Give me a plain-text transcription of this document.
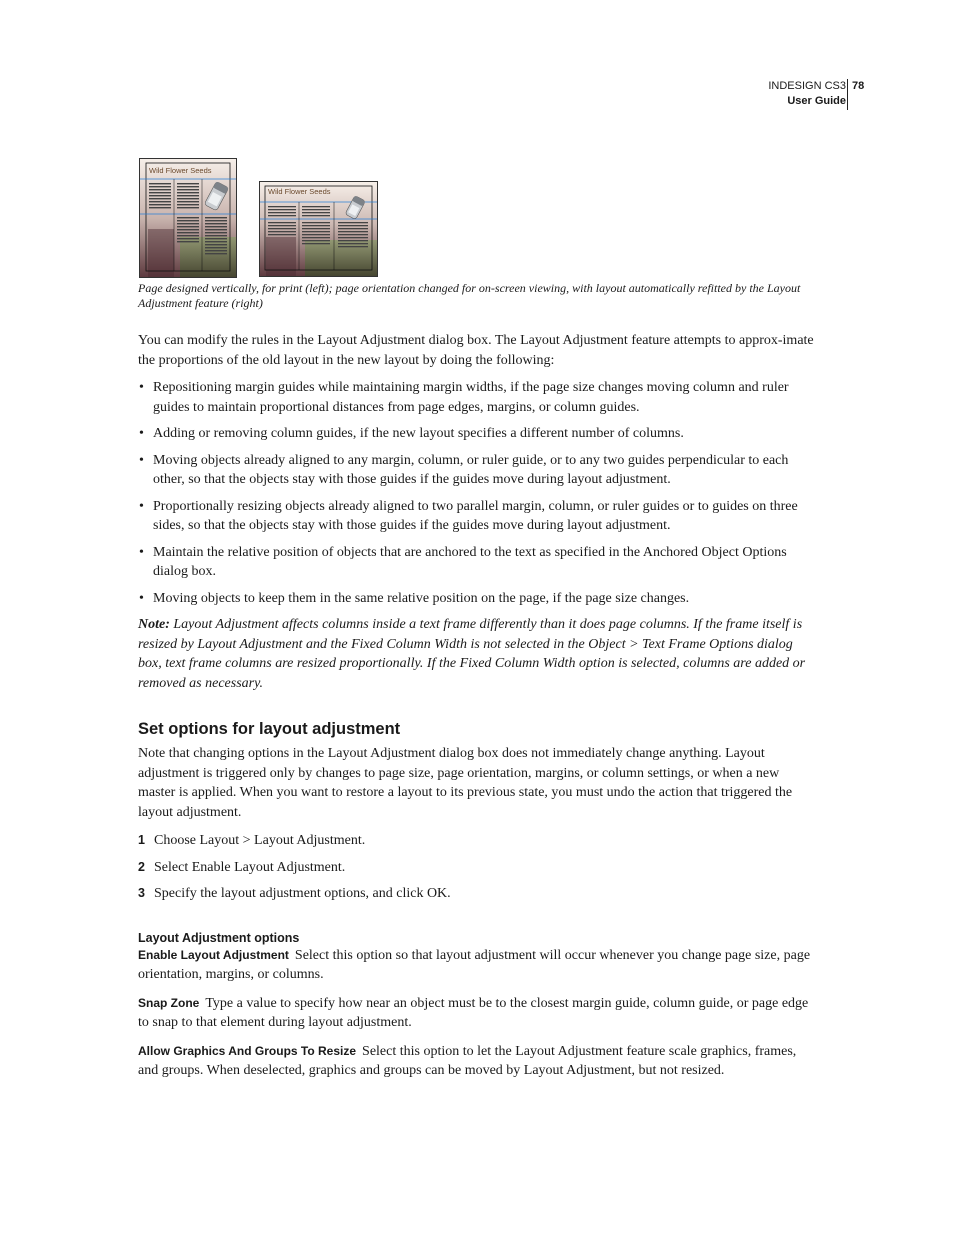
INDESIGN CS3
User Guide
78
Wild Flower Seeds
Wild Flower Seeds
Page designed vertically, for print (left); page orientation changed for on-screen viewing, with layout automatically refitted by the Layout Adjustment feature (right)

You can modify the rules in the Layout Adjustment dialog box. The Layout Adjustment feature attempts to approx-imate the proportions of the old layout in the new layout by doing the following:

• Repositioning margin guides while maintaining margin widths, if the page size changes moving column and ruler guides to maintain proportional distances from page edges, margins, or column guides.
• Adding or removing column guides, if the new layout specifies a different number of columns.
• Moving objects already aligned to any margin, column, or ruler guide, or to any two guides perpendicular to each other, so that the objects stay with those guides if the guides move during layout adjustment.
• Proportionally resizing objects already aligned to two parallel margin, column, or ruler guides or to guides on three sides, so that the objects stay with those guides if the guides move during layout adjustment.
• Maintain the relative position of objects that are anchored to the text as specified in the Anchored Object Options dialog box.
• Moving objects to keep them in the same relative position on the page, if the page size changes.

Note: Layout Adjustment affects columns inside a text frame differently than it does page columns. If the frame itself is resized by Layout Adjustment and the Fixed Column Width is not selected in the Object > Text Frame Options dialog box, text frame columns are resized proportionally. If the Fixed Column Width option is selected, columns are added or removed as necessary.

Set options for layout adjustment

Note that changing options in the Layout Adjustment dialog box does not immediately change anything. Layout adjustment is triggered only by changes to page size, page orientation, margins, or column settings, or when a new master is applied. When you want to restore a layout to its previous state, you must undo the action that triggered the layout adjustment.

1 Choose Layout > Layout Adjustment.
2 Select Enable Layout Adjustment.
3 Specify the layout adjustment options, and click OK.
Layout Adjustment options

Enable Layout Adjustment Select this option so that layout adjustment will occur whenever you change page size, page orientation, margins, or columns.

Snap Zone Type a value to specify how near an object must be to the closest margin guide, column guide, or page edge to snap to that element during layout adjustment.

Allow Graphics And Groups To Resize Select this option to let the Layout Adjustment feature scale graphics, frames, and groups. When deselected, graphics and groups can be moved by Layout Adjustment, but not resized.
